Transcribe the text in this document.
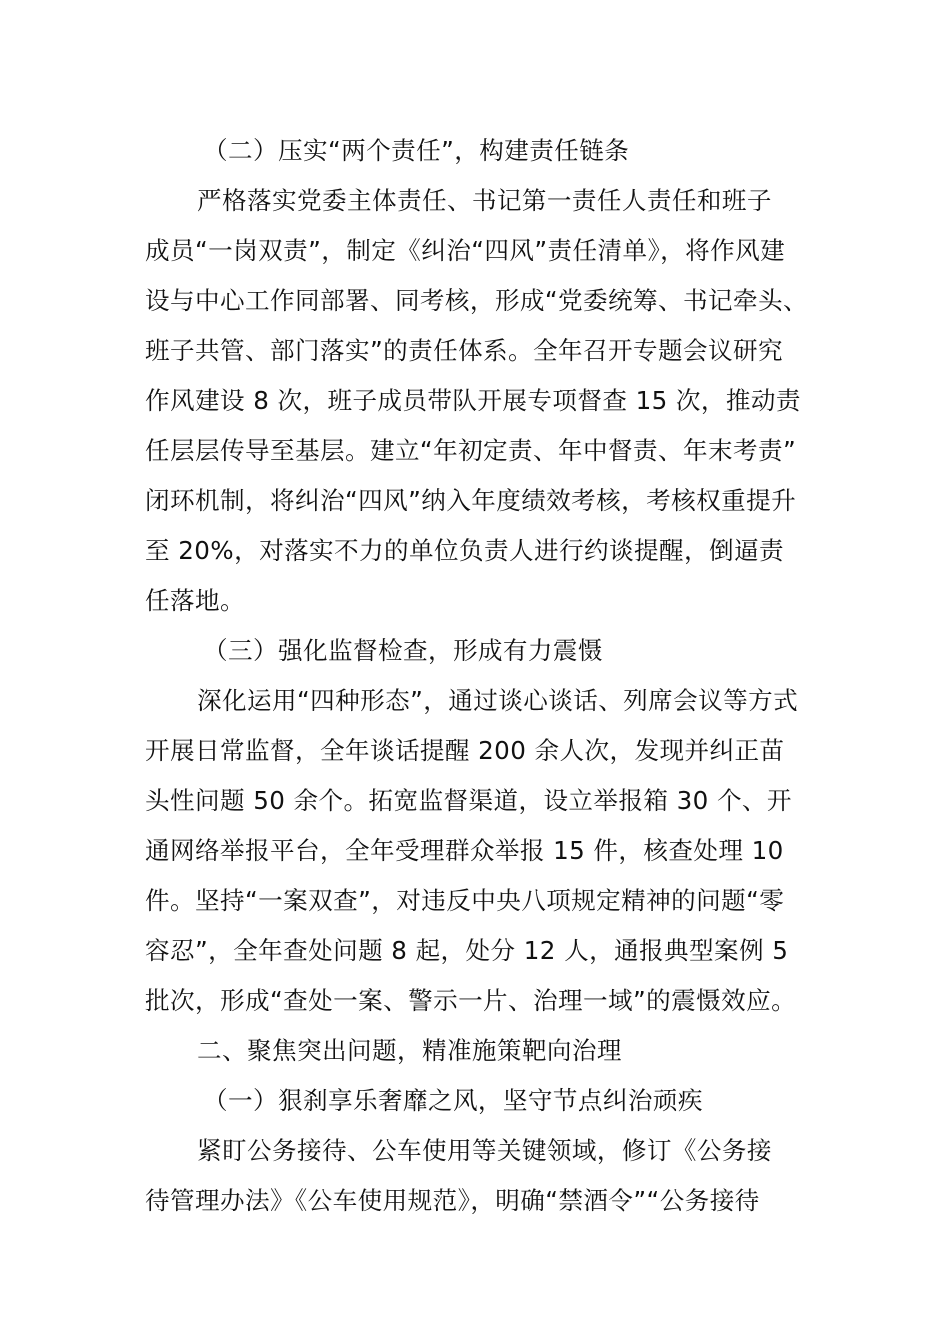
（二）压实“两个责任”，构建责任链条
严格落实党委主体责任、书记第一责任人责任和班子
成员“一岗双责”，制定《纠治“四风”责任清单》，将作风建
设与中心工作同部署、同考核，形成“党委统筹、书记牵头、
班子共管、部门落实”的责任体系。全年召开专题会议研究
作风建设 8 次，班子成员带队开展专项督查 15 次，推动责
任层层传导至基层。建立“年初定责、年中督责、年末考责”
闭环机制，将纠治“四风”纳入年度绩效考核，考核权重提升
至 20%，对落实不力的单位负责人进行约谈提醒，倒逼责
任落地。
（三）强化监督检查，形成有力震慑
深化运用“四种形态”，通过谈心谈话、列席会议等方式
开展日常监督，全年谈话提醒 200 余人次，发现并纠正苗
头性问题 50 余个。拓宽监督渠道，设立举报箱 30 个、开
通网络举报平台，全年受理群众举报 15 件，核查处理 10
件。坚持“一案双查”，对违反中央八项规定精神的问题“零
容忍”，全年查处问题 8 起，处分 12 人，通报典型案例 5
批次，形成“查处一案、警示一片、治理一域”的震慑效应。
二、聚焦突出问题，精准施策靶向治理
（一）狠刹享乐奢靡之风，坚守节点纠治顽疾
紧盯公务接待、公车使用等关键领域，修订《公务接
待管理办法》《公车使用规范》，明确“禁酒令”“公务接待
